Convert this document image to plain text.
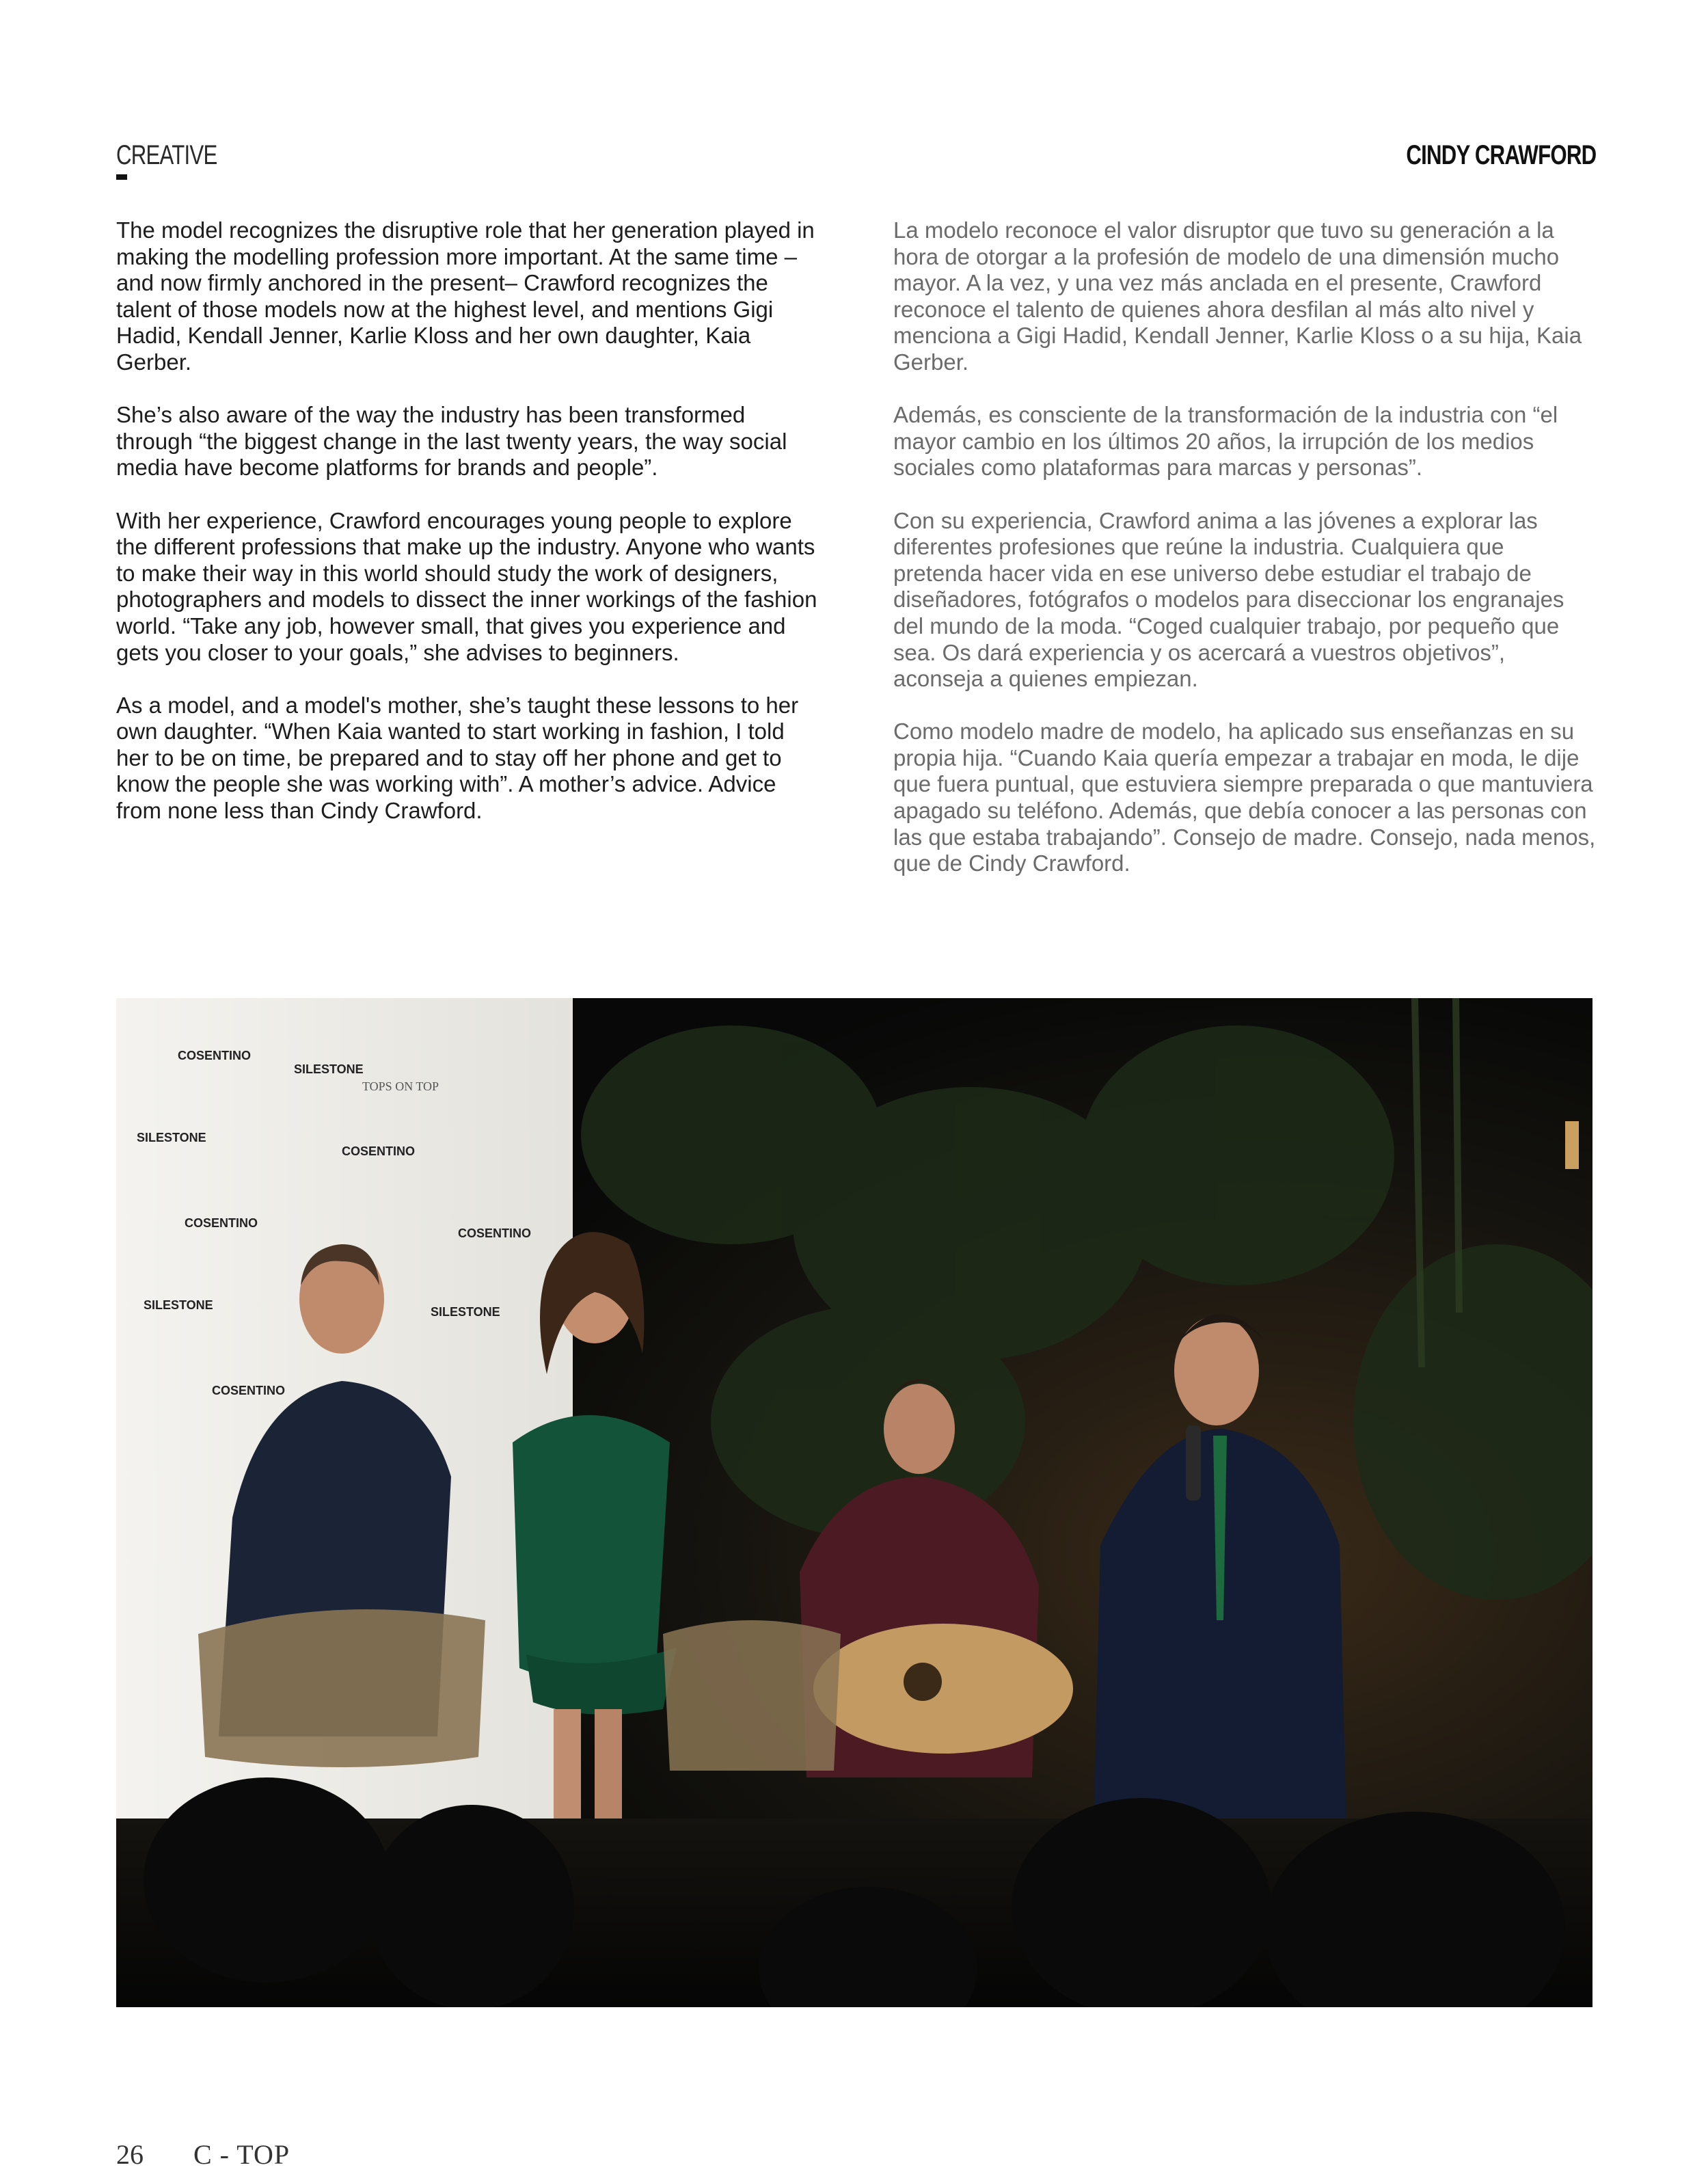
CREATIVE	CINDY CRAWFORD

The model recognizes the disruptive role that her generation played in making the modelling profession more important. At the same time –and now firmly anchored in the present– Crawford recognizes the talent of those models now at the highest level, and mentions Gigi Hadid, Kendall Jenner, Karlie Kloss and her own daughter, Kaia Gerber.

She’s also aware of the way the industry has been transformed through “the biggest change in the last twenty years, the way social media have become platforms for brands and people”.

With her experience, Crawford encourages young people to explore the different professions that make up the industry. Anyone who wants to make their way in this world should study the work of designers, photographers and models to dissect the inner workings of the fashion world. “Take any job, however small, that gives you experience and gets you closer to your goals,” she advises to beginners.

As a model, and a model's mother, she’s taught these lessons to her own daughter. “When Kaia wanted to start working in fashion, I told her to be on time, be prepared and to stay off her phone and get to know the people she was working with”. A mother’s advice. Advice from none less than Cindy Crawford.

La modelo reconoce el valor disruptor que tuvo su generación a la hora de otorgar a la profesión de modelo de una dimensión mucho mayor. A la vez, y una vez más anclada en el presente, Crawford reconoce el talento de quienes ahora desfilan al más alto nivel y menciona a Gigi Hadid, Kendall Jenner, Karlie Kloss o a su hija, Kaia Gerber.

Además, es consciente de la transformación de la industria con “el mayor cambio en los últimos 20 años, la irrupción de los medios sociales como plataformas para marcas y personas”.

Con su experiencia, Crawford anima a las jóvenes a explorar las diferentes profesiones que reúne la industria. Cualquiera que pretenda hacer vida en ese universo debe estudiar el trabajo de diseñadores, fotógrafos o modelos para diseccionar los engranajes del mundo de la moda. “Coged cualquier trabajo, por pequeño que sea. Os dará experiencia y os acercará a vuestros objetivos”, aconseja a quienes empiezan.

Como modelo madre de modelo, ha aplicado sus enseñanzas en su propia hija. “Cuando Kaia quería empezar a trabajar en moda, le dije que fuera puntual, que estuviera siempre preparada o que mantuviera apagado su teléfono. Además, que debía conocer a las personas con las que estaba trabajando”. Consejo de madre. Consejo, nada menos, que de Cindy Crawford.

COSENTINO
SILESTONE
TOPS ON TOP
SILESTONE
COSENTINO
COSENTINO
COSENTINO
SILESTONE	SILESTONE
COSENTINO
26 C - TOP
